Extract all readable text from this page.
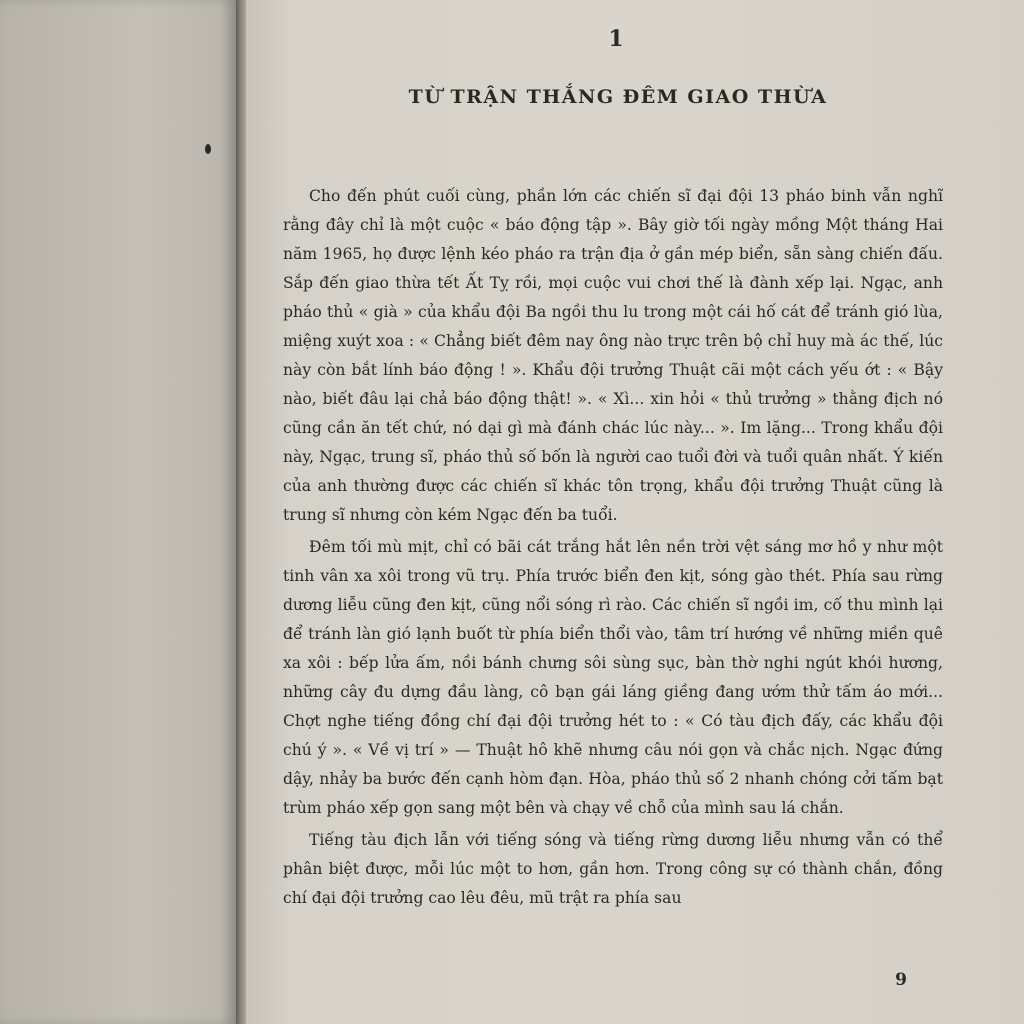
1
TỪ TRẬN THẮNG ĐÊM GIAO THỪA

Cho đến phút cuối cùng, phần lớn các chiến sĩ đại đội 13 pháo binh vẫn nghĩ rằng đây chỉ là một cuộc « báo động tập ». Bây giờ tối ngày mồng Một tháng Hai năm 1965, họ được lệnh kéo pháo ra trận địa ở gần mép biển, sẵn sàng chiến đấu. Sắp đến giao thừa tết Ất Tỵ rồi, mọi cuộc vui chơi thế là đành xếp lại. Ngạc, anh pháo thủ « già » của khẩu đội Ba ngồi thu lu trong một cái hố cát để tránh gió lùa, miệng xuýt xoa : « Chẳng biết đêm nay ông nào trực trên bộ chỉ huy mà ác thế, lúc này còn bắt lính báo động ! ». Khẩu đội trưởng Thuật cãi một cách yếu ớt : « Bậy nào, biết đâu lại chả báo động thật! ». « Xì... xin hỏi « thủ trưởng » thằng địch nó cũng cần ăn tết chứ, nó dại gì mà đánh chác lúc này... ». Im lặng... Trong khẩu đội này, Ngạc, trung sĩ, pháo thủ số bốn là người cao tuổi đời và tuổi quân nhất. Ý kiến của anh thường được các chiến sĩ khác tôn trọng, khẩu đội trưởng Thuật cũng là trung sĩ nhưng còn kém Ngạc đến ba tuổi.

Đêm tối mù mịt, chỉ có bãi cát trắng hắt lên nền trời vệt sáng mơ hồ y như một tinh vân xa xôi trong vũ trụ. Phía trước biển đen kịt, sóng gào thét. Phía sau rừng dương liễu cũng đen kịt, cũng nổi sóng rì rào. Các chiến sĩ ngồi im, cố thu mình lại để tránh làn gió lạnh buốt từ phía biển thổi vào, tâm trí hướng về những miền quê xa xôi : bếp lửa ấm, nồi bánh chưng sôi sùng sục, bàn thờ nghi ngút khói hương, những cây đu dựng đầu làng, cô bạn gái láng giềng đang ướm thử tấm áo mới... Chợt nghe tiếng đồng chí đại đội trưởng hét to : « Có tàu địch đấy, các khẩu đội chú ý ». « Về vị trí » — Thuật hô khẽ nhưng câu nói gọn và chắc nịch. Ngạc đứng dậy, nhảy ba bước đến cạnh hòm đạn. Hòa, pháo thủ số 2 nhanh chóng cởi tấm bạt trùm pháo xếp gọn sang một bên và chạy về chỗ của mình sau lá chắn.

Tiếng tàu địch lẫn với tiếng sóng và tiếng rừng dương liễu nhưng vẫn có thể phân biệt được, mỗi lúc một to hơn, gần hơn. Trong công sự có thành chắn, đồng chí đại đội trưởng cao lêu đêu, mũ trật ra phía sau

9
